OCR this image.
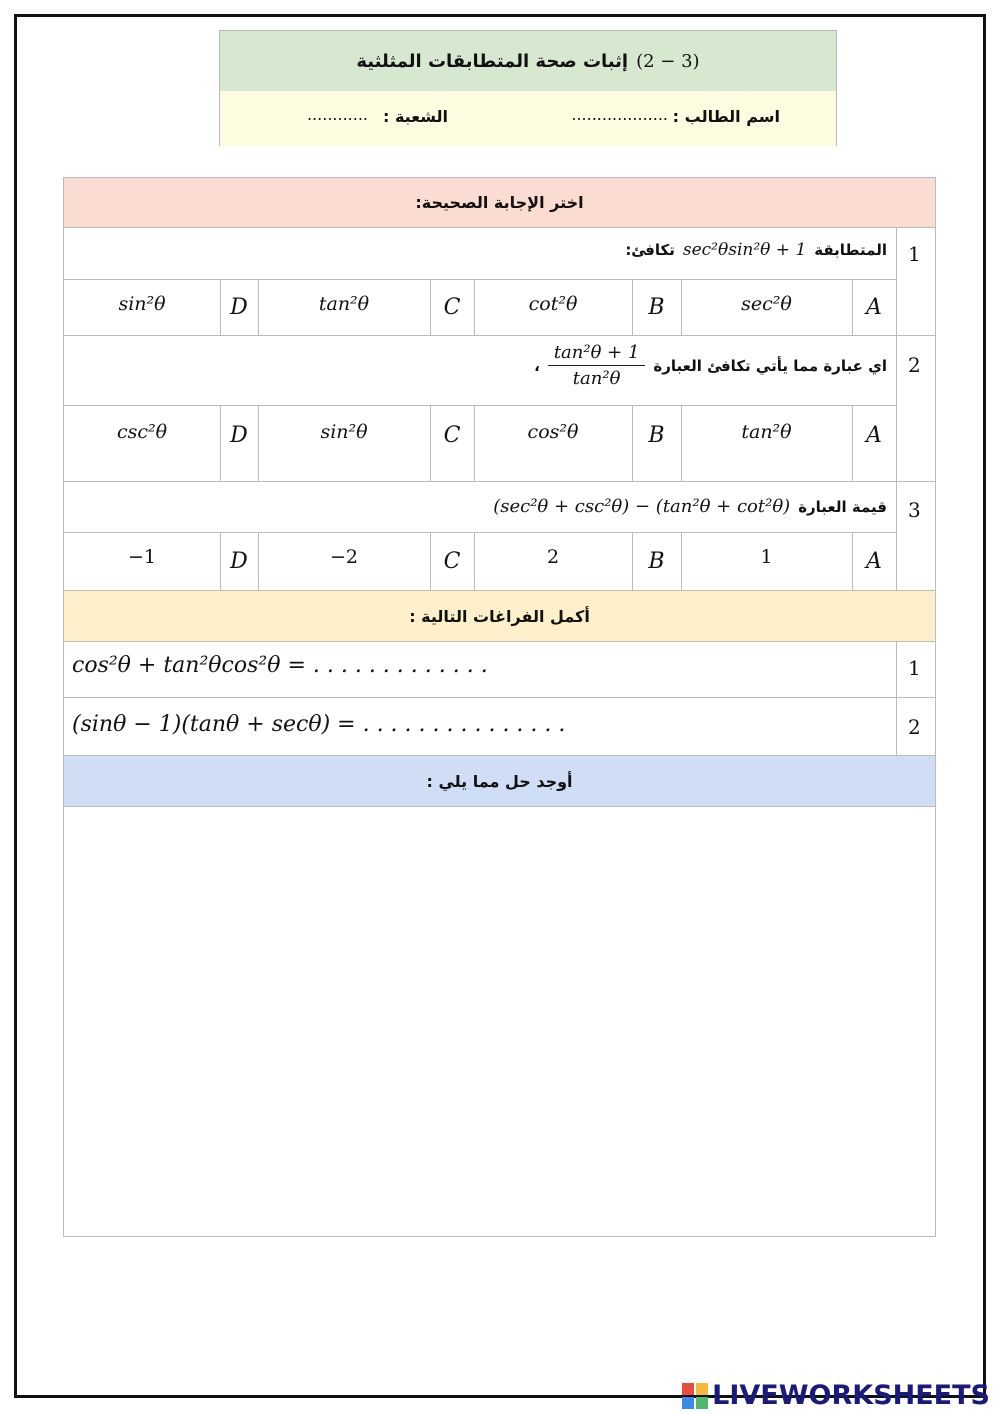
إثبات صحة المتطابقات المثلثية (2 − 3)
اسم الطالب :
...................
الشعبة :
............
اختر الإجابة الصحيحة:
1
المتطابقة
sec²θsin²θ + 1
تكافئ:
A
sec²θ
B
cot²θ
C
tan²θ
D
sin²θ
2
اي عبارة مما يأتي تكافئ العبارة
$\frac{\text{tan²θ + 1}}{\text{tan²θ}}$
،
A
tan²θ
B
cos²θ
C
sin²θ
D
csc²θ
3
قيمة العبارة
(sec²θ + csc²θ) − (tan²θ + cot²θ)
A
1
B
2
C
−2
D
−1
أكمل الفراغات التالية :
1
cos²θ + tan²θcos²θ = . . . . . . . . . . . . .
2
(sinθ − 1)(tanθ + secθ) = . . . . . . . . . . . . . . .
أوجد حل مما يلي :
LIVEWORKSHEETS
